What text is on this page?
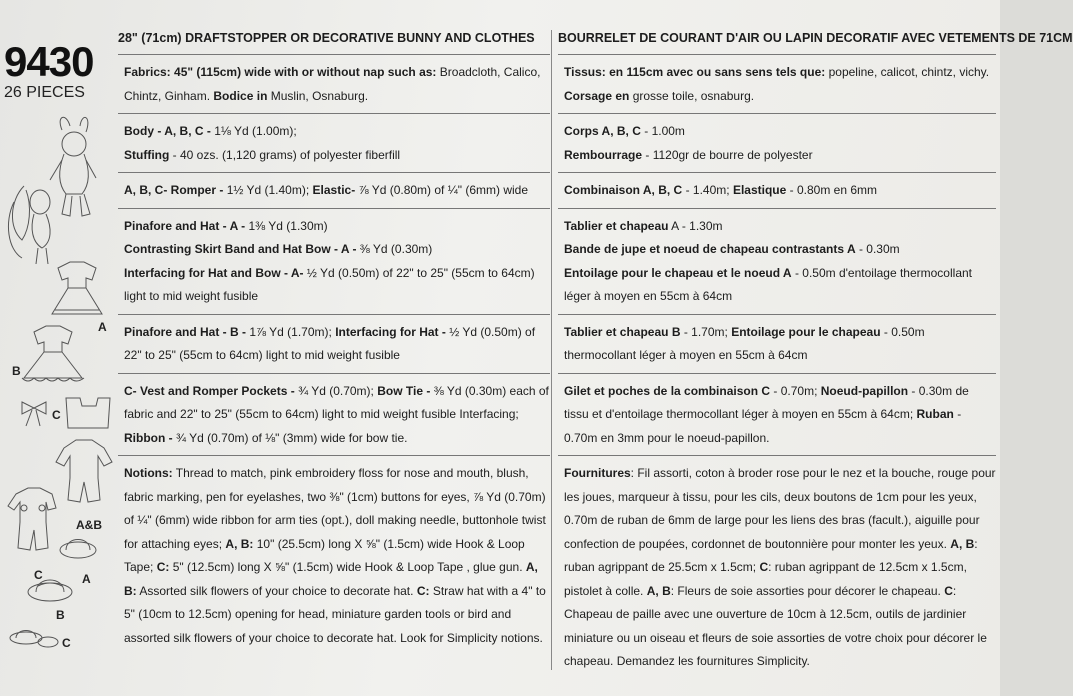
9430
26 PIECES
A
B
C
A&B
C	A
B
C
28" (71cm) DRAFTSTOPPER OR DECORATIVE BUNNY AND CLOTHES

Fabrics: 45" (115cm) wide with or without nap such as: Broadcloth, Calico, Chintz, Ginham. Bodice in Muslin, Osnaburg.

Body - A, B, C - 1⅛ Yd (1.00m);

Stuffing - 40 ozs. (1,120 grams) of polyester fiberfill

A, B, C- Romper - 1½ Yd (1.40m); Elastic- ⅞ Yd (0.80m) of ¼" (6mm) wide

Pinafore and Hat - A - 1⅜ Yd (1.30m)

Contrasting Skirt Band and Hat Bow - A - ⅜ Yd (0.30m)

Interfacing for Hat and Bow - A- ½ Yd (0.50m) of 22" to 25" (55cm to 64cm) light to mid weight fusible

Pinafore and Hat - B - 1⅞ Yd (1.70m); Interfacing for Hat - ½ Yd (0.50m) of 22" to 25" (55cm to 64cm) light to mid weight fusible

C- Vest and Romper Pockets - ¾ Yd (0.70m); Bow Tie - ⅜ Yd (0.30m) each of fabric and 22" to 25" (55cm to 64cm) light to mid weight fusible Interfacing; Ribbon - ¾ Yd (0.70m) of ⅛" (3mm) wide for bow tie.

Notions: Thread to match, pink embroidery floss for nose and mouth, blush, fabric marking, pen for eyelashes, two ⅜" (1cm) buttons for eyes, ⅞ Yd (0.70m) of ¼" (6mm) wide ribbon for arm ties (opt.), doll making needle, buttonhole twist for attaching eyes; A, B: 10" (25.5cm) long X ⅝" (1.5cm) wide Hook & Loop Tape; C: 5" (12.5cm) long X ⅝" (1.5cm) wide Hook & Loop Tape , glue gun. A, B: Assorted silk flowers of your choice to decorate hat. C: Straw hat with a 4" to 5" (10cm to 12.5cm) opening for head, miniature garden tools or bird and assorted silk flowers of your choice to decorate hat. Look for Simplicity notions.

BOURRELET DE COURANT D'AIR OU LAPIN DECORATIF AVEC VETEMENTS DE 71CM

Tissus: en 115cm avec ou sans sens tels que: popeline, calicot, chintz, vichy.

Corsage en grosse toile, osnaburg.

Corps A, B, C - 1.00m

Rembourrage - 1120gr de bourre de polyester

Combinaison A, B, C - 1.40m; Elastique - 0.80m en 6mm

Tablier et chapeau A - 1.30m

Bande de jupe et noeud de chapeau contrastants A - 0.30m

Entoilage pour le chapeau et le noeud A - 0.50m d'entoilage thermocollant léger à moyen en 55cm à 64cm

Tablier et chapeau B - 1.70m; Entoilage pour le chapeau - 0.50m thermocollant léger à moyen en 55cm à 64cm

Gilet et poches de la combinaison C - 0.70m; Noeud-papillon - 0.30m de tissu et d'entoilage thermocollant léger à moyen en 55cm à 64cm; Ruban - 0.70m en 3mm pour le noeud-papillon.

Fournitures: Fil assorti, coton à broder rose pour le nez et la bouche, rouge pour les joues, marqueur à tissu, pour les cils, deux boutons de 1cm pour les yeux, 0.70m de ruban de 6mm de large pour les liens des bras (facult.), aiguille pour confection de poupées, cordonnet de boutonnière pour monter les yeux. A, B: ruban agrippant de 25.5cm x 1.5cm; C: ruban agrippant de 12.5cm x 1.5cm, pistolet à colle. A, B: Fleurs de soie assorties pour décorer le chapeau. C: Chapeau de paille avec une ouverture de 10cm à 12.5cm, outils de jardinier miniature ou un oiseau et fleurs de soie assorties de votre choix pour décorer le chapeau. Demandez les fournitures Simplicity.
